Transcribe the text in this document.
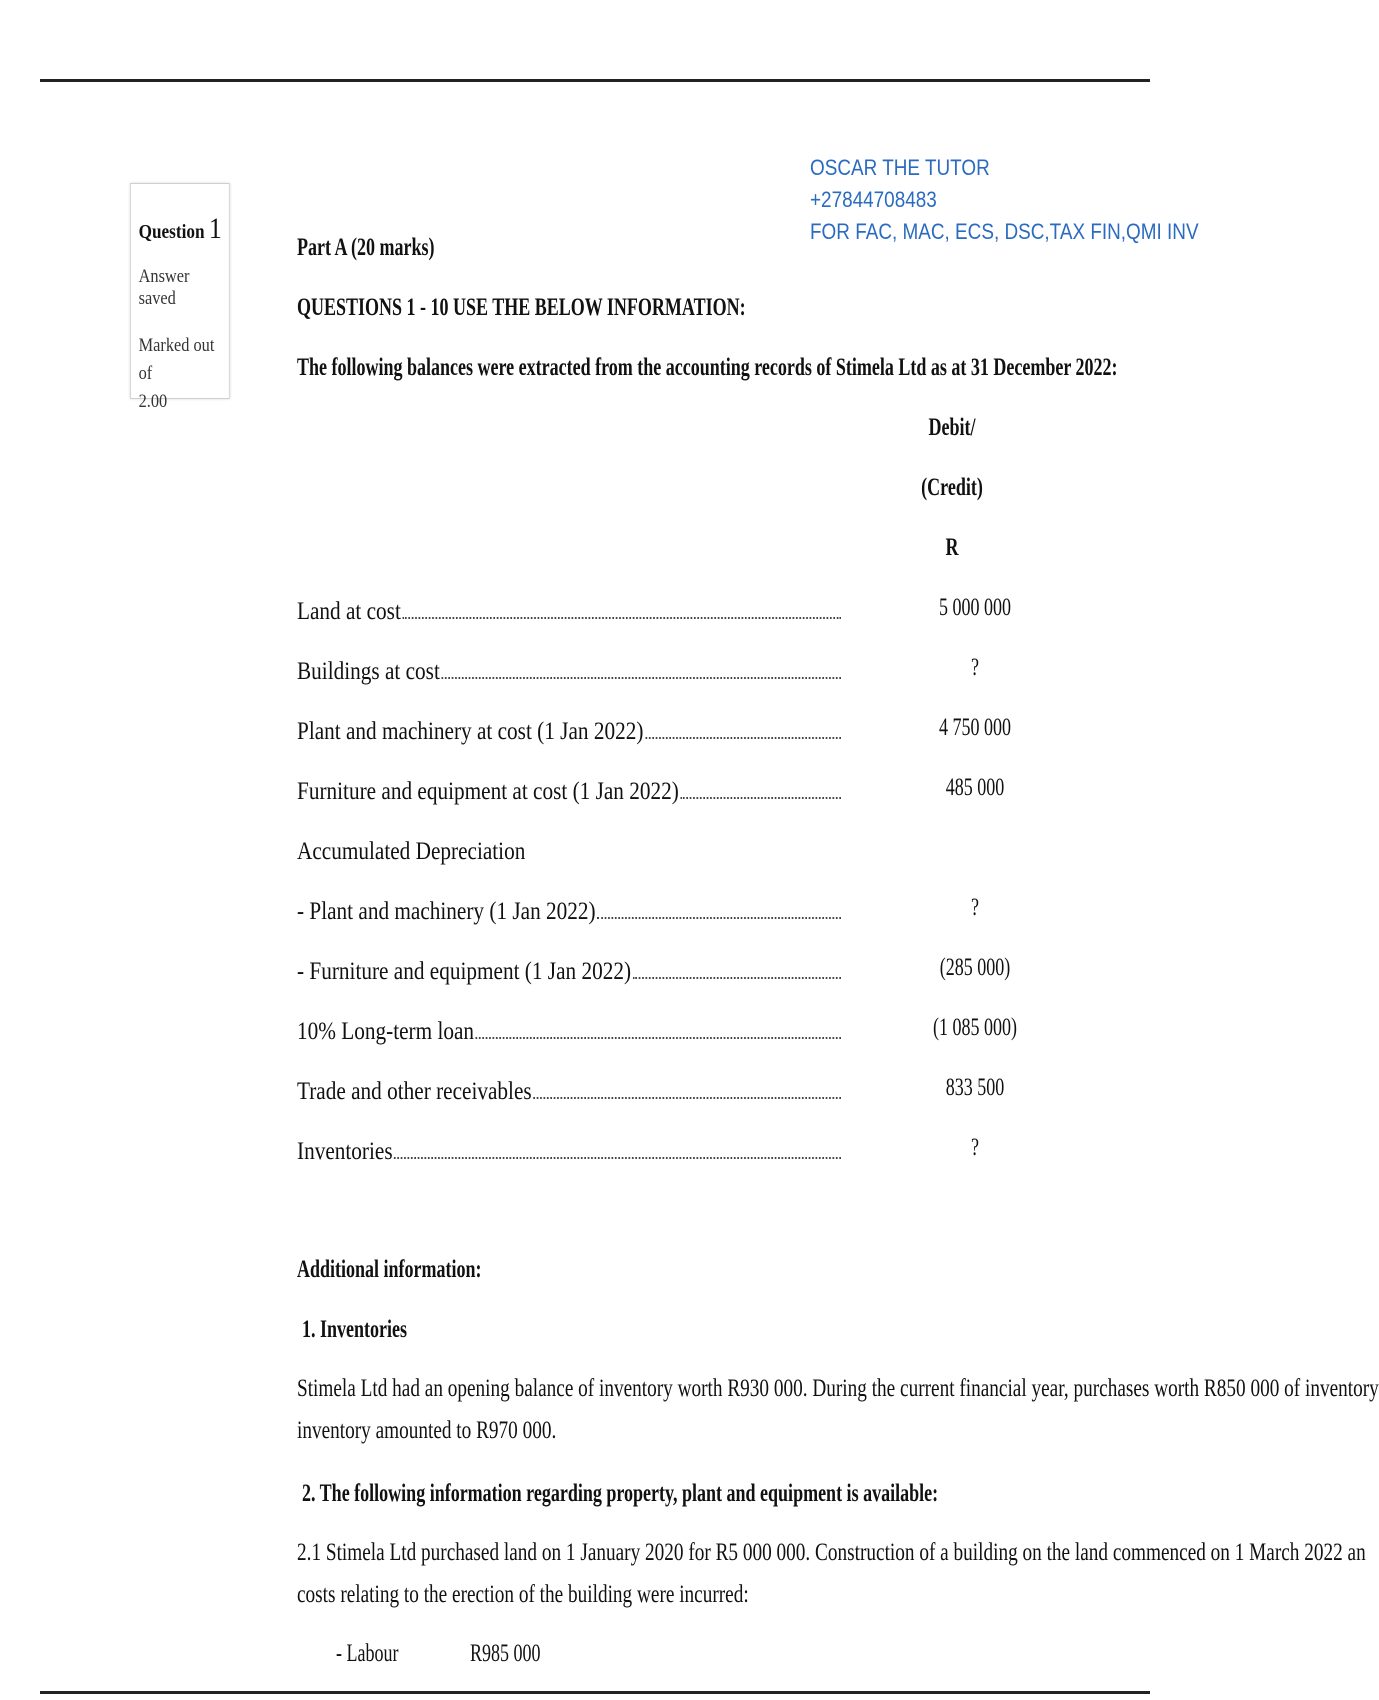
Question 1
Answer saved
Marked out of
2.00
OSCAR THE TUTOR
+27844708483
FOR FAC, MAC, ECS, DSC,TAX FIN,QMI INV
Part A (20 marks)
QUESTIONS 1 - 10 USE THE BELOW INFORMATION:
The following balances were extracted from the accounting records of Stimela Ltd as at 31 December 2022:
Debit/
(Credit)
R
Land at cost	5 000 000
Buildings at cost	?
Plant and machinery at cost (1 Jan 2022)	4 750 000
Furniture and equipment at cost (1 Jan 2022)	485 000
Accumulated Depreciation
- Plant and machinery (1 Jan 2022)	?
- Furniture and equipment (1 Jan 2022)	(285 000)
10% Long-term loan	(1 085 000)
Trade and other receivables	833 500
Inventories	?
Additional information:
1. Inventories
Stimela Ltd had an opening balance of inventory worth R930 000. During the current financial year, purchases worth R850 000 of inventory
inventory amounted to R970 000.
2. The following information regarding property, plant and equipment is available:
2.1 Stimela Ltd purchased land on 1 January 2020 for R5 000 000. Construction of a building on the land commenced on 1 March 2022 an
costs relating to the erection of the building were incurred:
- Labour	R985 000
